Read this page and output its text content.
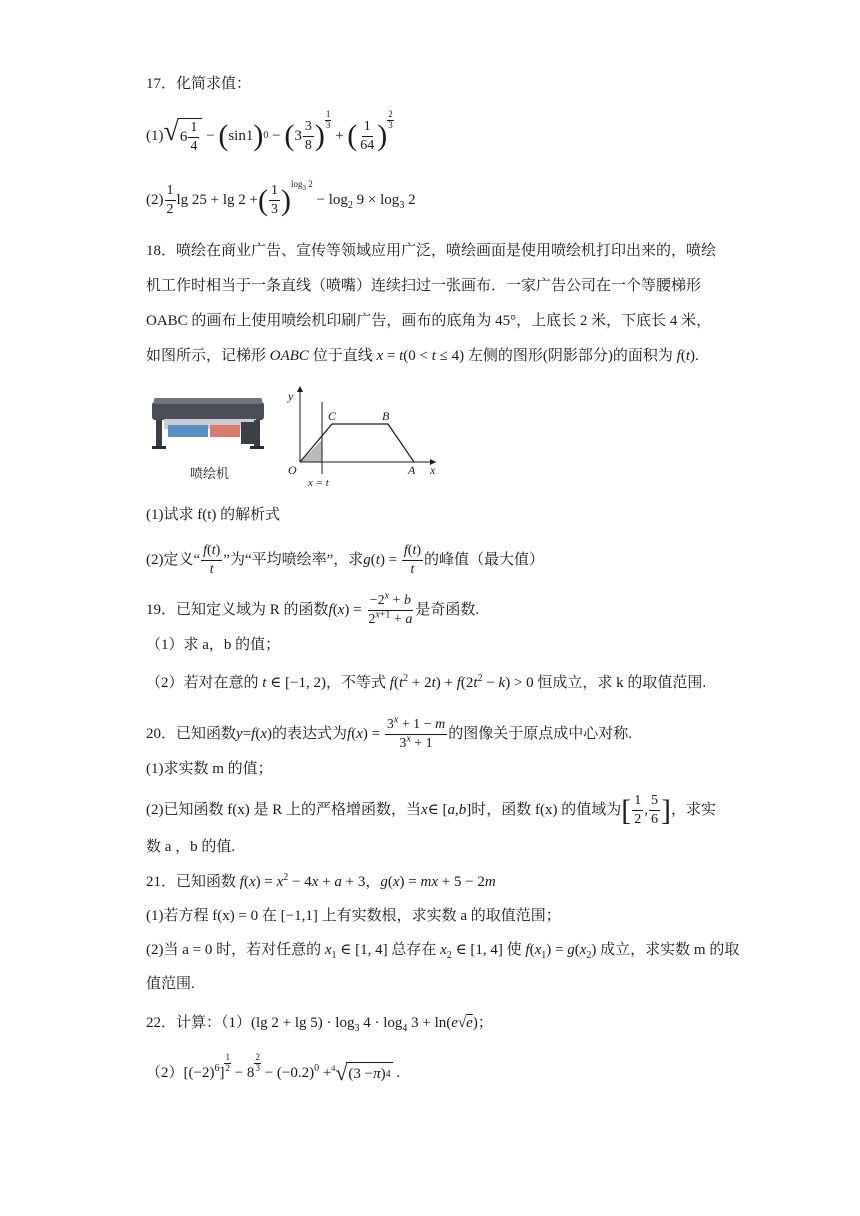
17．化简求值：
(1) √ $6 \frac{1}{4}$ − ( sin1 ) 0 − ( $3 \frac{3}{8}$ ) $\frac{1}{3}$
+ ( $\frac{1}{64}$ ) $\frac{2}{3}$
$(2) \frac{1}{2}$ lg 25 + lg 2 + ( $\frac{1}{3}$ ) $\log_3 2$
− $\log_2 9 \times \log_3 2$
18．喷绘在商业广告、宣传等领域应用广泛，喷绘画面是使用喷绘机打印出来的，喷绘
机工作时相当于一条直线（喷嘴）连续扫过一张画布．一家广告公司在一个等腰梯形
OABC 的画布上使用喷绘机印刷广告，画布的底角为 45°，上底长 2 米，下底长 4 米，
如图所示，记梯形 OABC 位于直线 x = t(0 < t ≤ 4) 左侧的图形(阴影部分)的面积为 f(t).
喷绘机
y
x
O	A
B
C
x = t
(1)试求 f(t) 的解析式
(2)定义“ $\frac{f(t)}{t}$ ”为“平均喷绘率”，求 g ( t ) = $\frac{f(t)}{t}$ 的峰值（最大值）
19．已知定义域为 R 的函数 f ( x ) = $\frac{-2^x + b}{2^{x+1} + a}$ 是奇函数.
（1）求 a，b 的值；
（2）若对在意的 t ∈ [−1, 2)，不等式 $f(t^2 + 2t) + f(2t^2 - k) > 0$ 恒成立，求 k 的取值范围.
20．已知函数 y = f ( x ) 的表达式为 f ( x ) = $\frac{3^x + 1 - m}{3^x + 1}$ 的图像关于原点成中心对称.
(1)求实数 m 的值；
(2)已知函数 f(x) 是 R 上的严格增函数，当 x ∈ [ a , b ] 时，函数 f(x) 的值域为 [ $\frac{1}{2}$ , $\frac{5}{6}$ ] ，求实
数 a ，b 的值.
21．已知函数 $f(x) = x^2 - 4x + a + 3$，g(x) = mx + 5 − 2m
(1)若方程 f(x) = 0 在 [−1,1] 上有实数根，求实数 a 的取值范围；
(2)当 a = 0 时，若对任意的 $x_1$ ∈ [1, 4] 总存在 $x_2$ ∈ [1, 4] 使 $f(x_1) = g(x_2)$ 成立，求实数 m 的取
值范围.
22．计算：（1）(lg $2 + \lg 5) \cdot \log_3 4 \cdot \log_4 3 + \ln(e√e)$；
（2） $[(-2)^6] \frac{1}{2} - 8 \frac{2}{3} - (-0.2)^0 + ^4$ √ (3 − π ) 4 .
